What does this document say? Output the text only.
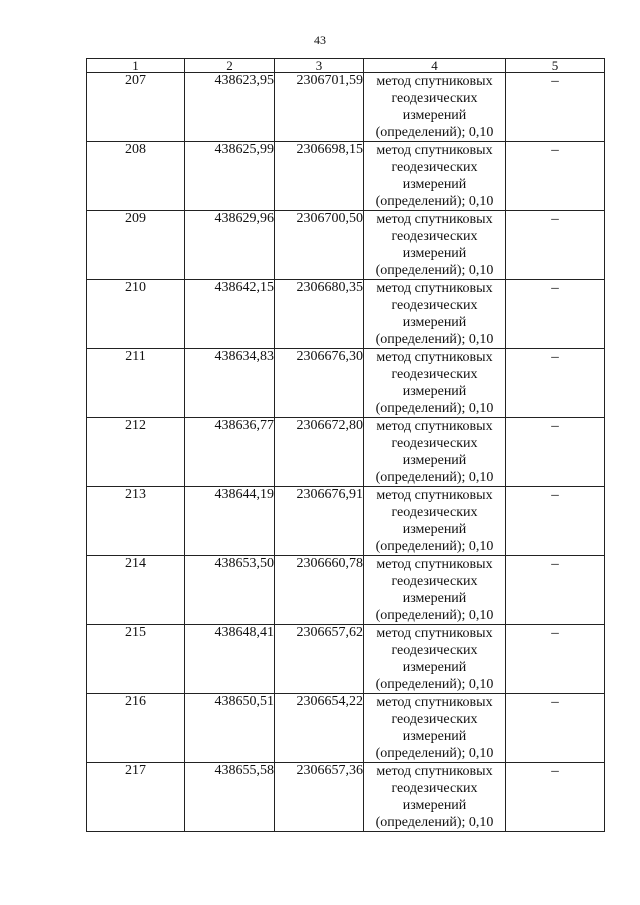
43
1	2	3	4	5
207	438623,95	2306701,59	метод спутниковых
геодезических
измерений
(определений); 0,10	–
208	438625,99	2306698,15	метод спутниковых
геодезических
измерений
(определений); 0,10	–
209	438629,96	2306700,50	метод спутниковых
геодезических
измерений
(определений); 0,10	–
210	438642,15	2306680,35	метод спутниковых
геодезических
измерений
(определений); 0,10	–
211	438634,83	2306676,30	метод спутниковых
геодезических
измерений
(определений); 0,10	–
212	438636,77	2306672,80	метод спутниковых
геодезических
измерений
(определений); 0,10	–
213	438644,19	2306676,91	метод спутниковых
геодезических
измерений
(определений); 0,10	–
214	438653,50	2306660,78	метод спутниковых
геодезических
измерений
(определений); 0,10	–
215	438648,41	2306657,62	метод спутниковых
геодезических
измерений
(определений); 0,10	–
216	438650,51	2306654,22	метод спутниковых
геодезических
измерений
(определений); 0,10	–
217	438655,58	2306657,36	метод спутниковых
геодезических
измерений
(определений); 0,10	–
